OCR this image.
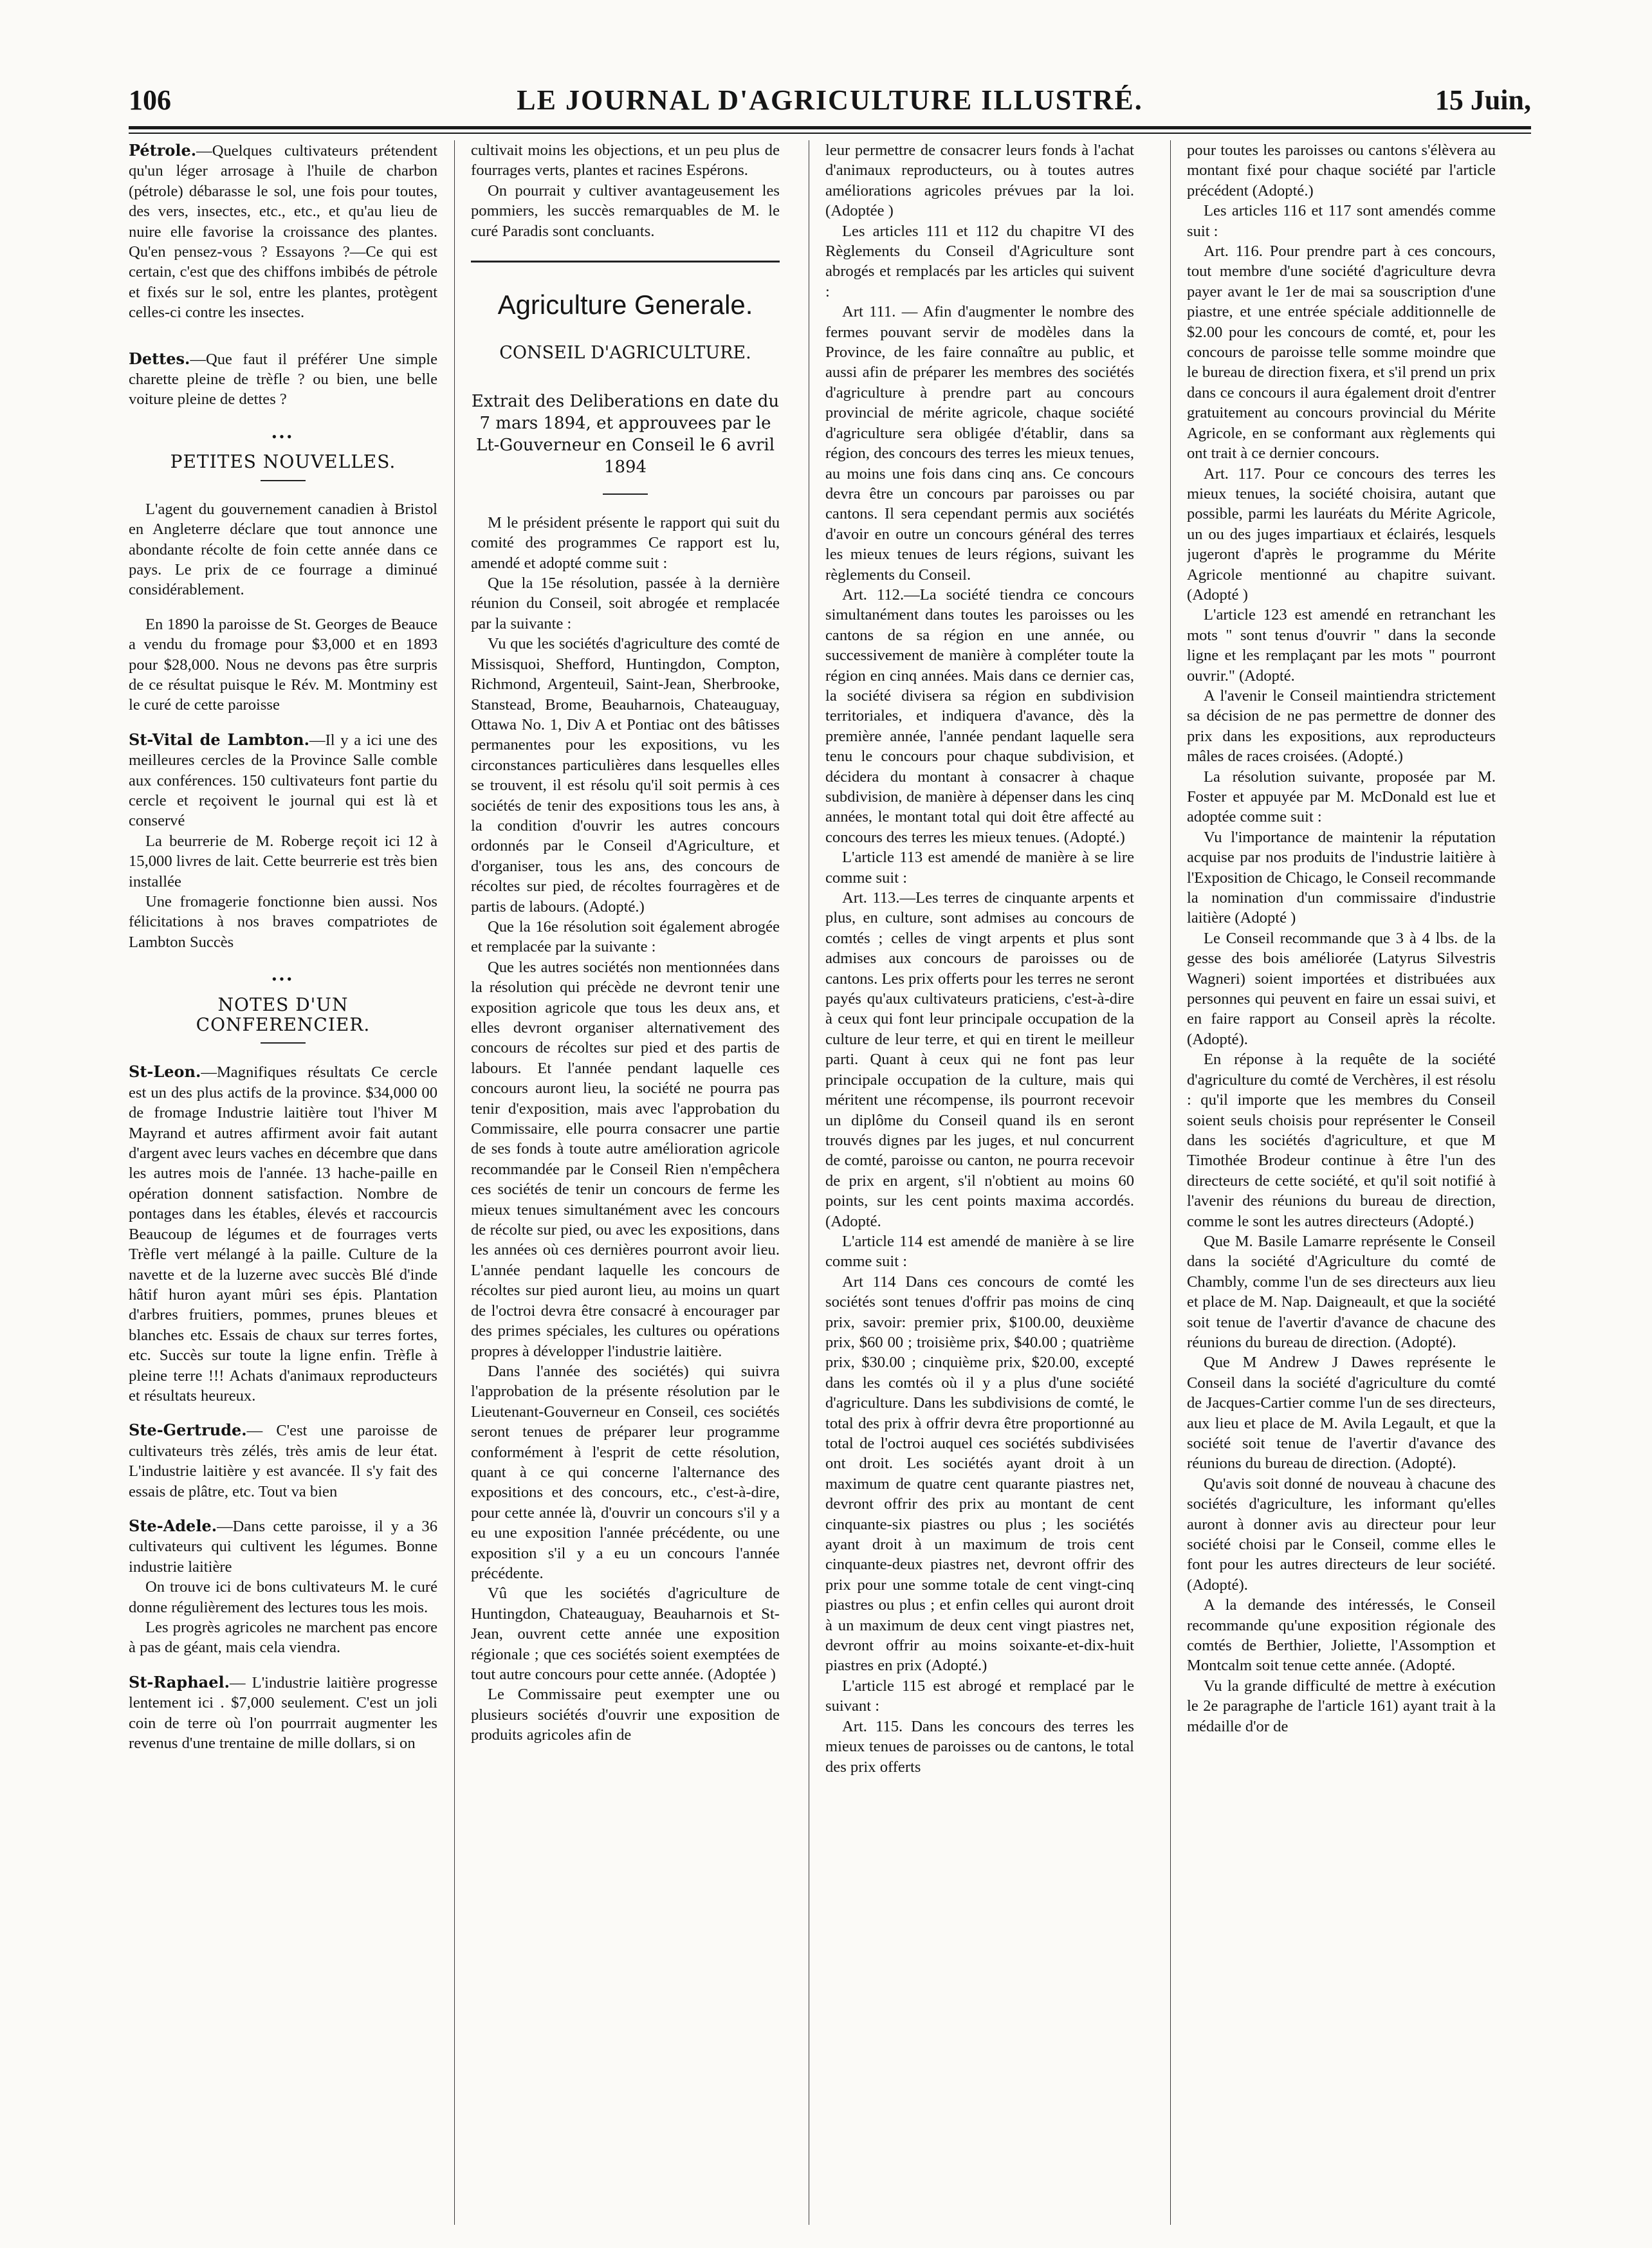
106	LE JOURNAL D'AGRICULTURE ILLUSTRÉ.	15 Juin,

Pétrole.—Quelques cultivateurs prétendent qu'un léger arrosage à l'huile de charbon (pétrole) débarasse le sol, une fois pour toutes, des vers, insectes, etc., etc., et qu'au lieu de nuire elle favorise la croissance des plantes. Qu'en pensez-vous ? Essayons ?—Ce qui est certain, c'est que des chiffons imbibés de pétrole et fixés sur le sol, entre les plantes, protègent celles-ci contre les insectes.

Dettes.—Que faut il préférer Une simple charette pleine de trèfle ? ou bien, une belle voiture pleine de dettes ?

•••
PETITES NOUVELLES.

L'agent du gouvernement canadien à Bristol en Angleterre déclare que tout annonce une abondante récolte de foin cette année dans ce pays. Le prix de ce fourrage a diminué considérablement.

En 1890 la paroisse de St. Georges de Beauce a vendu du fromage pour $3,000 et en 1893 pour $28,000. Nous ne devons pas être surpris de ce résultat puisque le Rév. M. Montminy est le curé de cette paroisse

St-Vital de Lambton.—Il y a ici une des meilleures cercles de la Province Salle comble aux conférences. 150 cultivateurs font partie du cercle et reçoivent le journal qui est là et conservé

La beurrerie de M. Roberge reçoit ici 12 à 15,000 livres de lait. Cette beurrerie est très bien installée

Une fromagerie fonctionne bien aussi. Nos félicitations à nos braves compatriotes de Lambton Succès

•••
NOTES D'UN CONFERENCIER.

St-Leon.—Magnifiques résultats Ce cercle est un des plus actifs de la province. $34,000 00 de fromage Industrie laitière tout l'hiver M Mayrand et autres affirment avoir fait autant d'argent avec leurs vaches en décembre que dans les autres mois de l'année. 13 hache-paille en opération donnent satisfaction. Nombre de pontages dans les étables, élevés et raccourcis Beaucoup de légumes et de fourrages verts Trèfle vert mélangé à la paille. Culture de la navette et de la luzerne avec succès Blé d'inde hâtif huron ayant mûri ses épis. Plantation d'arbres fruitiers, pommes, prunes bleues et blanches etc. Essais de chaux sur terres fortes, etc. Succès sur toute la ligne enfin. Trèfle à pleine terre !!! Achats d'animaux reproducteurs et résultats heureux.

Ste-Gertrude.— C'est une paroisse de cultivateurs très zélés, très amis de leur état. L'industrie laitière y est avancée. Il s'y fait des essais de plâtre, etc. Tout va bien

Ste-Adele.—Dans cette paroisse, il y a 36 cultivateurs qui cultivent les légumes. Bonne industrie laitière

On trouve ici de bons cultivateurs M. le curé donne régulièrement des lectures tous les mois.

Les progrès agricoles ne marchent pas encore à pas de géant, mais cela viendra.

St-Raphael.— L'industrie laitière progresse lentement ici . $7,000 seulement. C'est un joli coin de terre où l'on pourrrait augmenter les revenus d'une trentaine de mille dollars, si on

cultivait moins les objections, et un peu plus de fourrages verts, plantes et racines Espérons.

On pourrait y cultiver avantageusement les pommiers, les succès remarquables de M. le curé Paradis sont concluants.

Agriculture Generale.
CONSEIL D'AGRICULTURE.
Extrait des Deliberations en date du 7 mars 1894, et approuvees par le Lt-Gouverneur en Conseil le 6 avril 1894

M le président présente le rapport qui suit du comité des programmes Ce rapport est lu, amendé et adopté comme suit :

Que la 15e résolution, passée à la dernière réunion du Conseil, soit abrogée et remplacée par la suivante :

Vu que les sociétés d'agriculture des comté de Missisquoi, Shefford, Huntingdon, Compton, Richmond, Argenteuil, Saint-Jean, Sherbrooke, Stanstead, Brome, Beauharnois, Chateauguay, Ottawa No. 1, Div A et Pontiac ont des bâtisses permanentes pour les expositions, vu les circonstances particulières dans lesquelles elles se trouvent, il est résolu qu'il soit permis à ces sociétés de tenir des expositions tous les ans, à la condition d'ouvrir les autres concours ordonnés par le Conseil d'Agriculture, et d'organiser, tous les ans, des concours de récoltes sur pied, de récoltes fourragères et de partis de labours. (Adopté.)

Que la 16e résolution soit également abrogée et remplacée par la suivante :

Que les autres sociétés non mentionnées dans la résolution qui précède ne devront tenir une exposition agricole que tous les deux ans, et elles devront organiser alternativement des concours de récoltes sur pied et des partis de labours. Et l'année pendant laquelle ces concours auront lieu, la société ne pourra pas tenir d'exposition, mais avec l'approbation du Commissaire, elle pourra consacrer une partie de ses fonds à toute autre amélioration agricole recommandée par le Conseil Rien n'empêchera ces sociétés de tenir un concours de ferme les mieux tenues simultanément avec les concours de récolte sur pied, ou avec les expositions, dans les années où ces dernières pourront avoir lieu. L'année pendant laquelle les concours de récoltes sur pied auront lieu, au moins un quart de l'octroi devra être consacré à encourager par des primes spéciales, les cultures ou opérations propres à développer l'industrie laitière.

Dans l'année des sociétés) qui suivra l'approbation de la présente résolution par le Lieutenant-Gouverneur en Conseil, ces sociétés seront tenues de préparer leur programme conformément à l'esprit de cette résolution, quant à ce qui concerne l'alternance des expositions et des concours, etc., c'est-à-dire, pour cette année là, d'ouvrir un concours s'il y a eu une exposition l'année précédente, ou une exposition s'il y a eu un concours l'année précédente.

Vû que les sociétés d'agriculture de Huntingdon, Chateauguay, Beauharnois et St-Jean, ouvrent cette année une exposition régionale ; que ces sociétés soient exemptées de tout autre concours pour cette année. (Adoptée )

Le Commissaire peut exempter une ou plusieurs sociétés d'ouvrir une exposition de produits agricoles afin de

leur permettre de consacrer leurs fonds à l'achat d'animaux reproducteurs, ou à toutes autres améliorations agricoles prévues par la loi. (Adoptée )

Les articles 111 et 112 du chapitre VI des Règlements du Conseil d'Agriculture sont abrogés et remplacés par les articles qui suivent :

Art 111. — Afin d'augmenter le nombre des fermes pouvant servir de modèles dans la Province, de les faire connaître au public, et aussi afin de préparer les membres des sociétés d'agriculture à prendre part au concours provincial de mérite agricole, chaque société d'agriculture sera obligée d'établir, dans sa région, des concours des terres les mieux tenues, au moins une fois dans cinq ans. Ce concours devra être un concours par paroisses ou par cantons. Il sera cependant permis aux sociétés d'avoir en outre un concours général des terres les mieux tenues de leurs régions, suivant les règlements du Conseil.

Art. 112.—La société tiendra ce concours simultanément dans toutes les paroisses ou les cantons de sa région en une année, ou successivement de manière à compléter toute la région en cinq années. Mais dans ce dernier cas, la société divisera sa région en subdivision territoriales, et indiquera d'avance, dès la première année, l'année pendant laquelle sera tenu le concours pour chaque subdivision, et décidera du montant à consacrer à chaque subdivision, de manière à dépenser dans les cinq années, le montant total qui doit être affecté au concours des terres les mieux tenues. (Adopté.)

L'article 113 est amendé de manière à se lire comme suit :

Art. 113.—Les terres de cinquante arpents et plus, en culture, sont admises au concours de comtés ; celles de vingt arpents et plus sont admises aux concours de paroisses ou de cantons. Les prix offerts pour les terres ne seront payés qu'aux cultivateurs praticiens, c'est-à-dire à ceux qui font leur principale occupation de la culture de leur terre, et qui en tirent le meilleur parti. Quant à ceux qui ne font pas leur principale occupation de la culture, mais qui méritent une récompense, ils pourront recevoir un diplôme du Conseil quand ils en seront trouvés dignes par les juges, et nul concurrent de comté, paroisse ou canton, ne pourra recevoir de prix en argent, s'il n'obtient au moins 60 points, sur les cent points maxima accordés. (Adopté.

L'article 114 est amendé de manière à se lire comme suit :

Art 114 Dans ces concours de comté les sociétés sont tenues d'offrir pas moins de cinq prix, savoir: premier prix, $100.00, deuxième prix, $60 00 ; troisième prix, $40.00 ; quatrième prix, $30.00 ; cinquième prix, $20.00, excepté dans les comtés où il y a plus d'une société d'agriculture. Dans les subdivisions de comté, le total des prix à offrir devra être proportionné au total de l'octroi auquel ces sociétés subdivisées ont droit. Les sociétés ayant droit à un maximum de quatre cent quarante piastres net, devront offrir des prix au montant de cent cinquante-six piastres ou plus ; les sociétés ayant droit à un maximum de trois cent cinquante-deux piastres net, devront offrir des prix pour une somme totale de cent vingt-cinq piastres ou plus ; et enfin celles qui auront droit à un maximum de deux cent vingt piastres net, devront offrir au moins soixante-et-dix-huit piastres en prix (Adopté.)

L'article 115 est abrogé et remplacé par le suivant :

Art. 115. Dans les concours des terres les mieux tenues de paroisses ou de cantons, le total des prix offerts

pour toutes les paroisses ou cantons s'élèvera au montant fixé pour chaque société par l'article précédent (Adopté.)

Les articles 116 et 117 sont amendés comme suit :

Art. 116. Pour prendre part à ces concours, tout membre d'une société d'agriculture devra payer avant le 1er de mai sa souscription d'une piastre, et une entrée spéciale additionnelle de $2.00 pour les concours de comté, et, pour les concours de paroisse telle somme moindre que le bureau de direction fixera, et s'il prend un prix dans ce concours il aura également droit d'entrer gratuitement au concours provincial du Mérite Agricole, en se conformant aux règlements qui ont trait à ce dernier concours.

Art. 117. Pour ce concours des terres les mieux tenues, la société choisira, autant que possible, parmi les lauréats du Mérite Agricole, un ou des juges impartiaux et éclairés, lesquels jugeront d'après le programme du Mérite Agricole mentionné au chapitre suivant. (Adopté )

L'article 123 est amendé en retranchant les mots " sont tenus d'ouvrir " dans la seconde ligne et les remplaçant par les mots " pourront ouvrir." (Adopté.

A l'avenir le Conseil maintiendra strictement sa décision de ne pas permettre de donner des prix dans les expositions, aux reproducteurs mâles de races croisées. (Adopté.)

La résolution suivante, proposée par M. Foster et appuyée par M. McDonald est lue et adoptée comme suit :

Vu l'importance de maintenir la réputation acquise par nos produits de l'industrie laitière à l'Exposition de Chicago, le Conseil recommande la nomination d'un commissaire d'industrie laitière (Adopté )

Le Conseil recommande que 3 à 4 lbs. de la gesse des bois améliorée (Latyrus Silvestris Wagneri) soient importées et distribuées aux personnes qui peuvent en faire un essai suivi, et en faire rapport au Conseil après la récolte. (Adopté).

En réponse à la requête de la société d'agriculture du comté de Verchères, il est résolu : qu'il importe que les membres du Conseil soient seuls choisis pour représenter le Conseil dans les sociétés d'agriculture, et que M Timothée Brodeur continue à être l'un des directeurs de cette société, et qu'il soit notifié à l'avenir des réunions du bureau de direction, comme le sont les autres directeurs (Adopté.)

Que M. Basile Lamarre représente le Conseil dans la société d'Agriculture du comté de Chambly, comme l'un de ses directeurs aux lieu et place de M. Nap. Daigneault, et que la société soit tenue de l'avertir d'avance de chacune des réunions du bureau de direction. (Adopté).

Que M Andrew J Dawes représente le Conseil dans la société d'agriculture du comté de Jacques-Cartier comme l'un de ses directeurs, aux lieu et place de M. Avila Legault, et que la société soit tenue de l'avertir d'avance des réunions du bureau de direction. (Adopté).

Qu'avis soit donné de nouveau à chacune des sociétés d'agriculture, les informant qu'elles auront à donner avis au directeur pour leur société choisi par le Conseil, comme elles le font pour les autres directeurs de leur société. (Adopté).

A la demande des intéressés, le Conseil recommande qu'une exposition régionale des comtés de Berthier, Joliette, l'Assomption et Montcalm soit tenue cette année. (Adopté.

Vu la grande difficulté de mettre à exécution le 2e paragraphe de l'article 161) ayant trait à la médaille d'or de
